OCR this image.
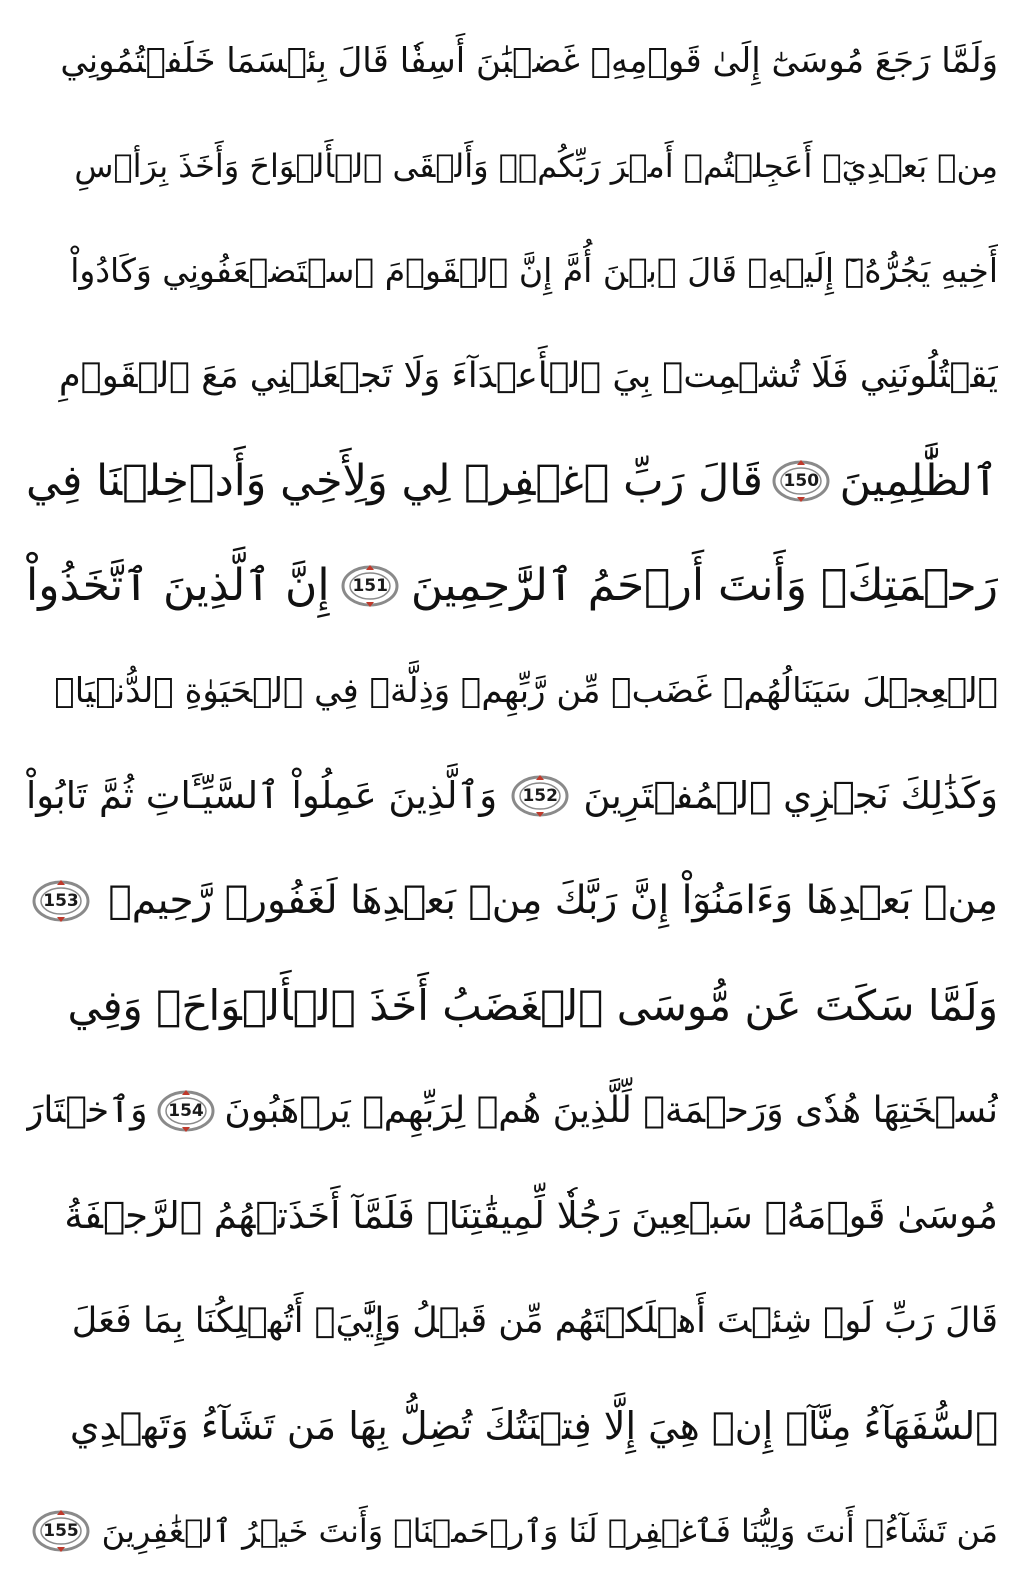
وَلَمَّا رَجَعَ مُوسَىٰٓ إِلَىٰ قَوۡمِهِۦ غَضۡبَٰنَ أَسِفٗا قَالَ بِئۡسَمَا خَلَفۡتُمُونِي
مِنۢ بَعۡدِيٓۖ أَعَجِلۡتُمۡ أَمۡرَ رَبِّكُمۡۖ وَأَلۡقَى ٱلۡأَلۡوَاحَ وَأَخَذَ بِرَأۡسِ
أَخِيهِ يَجُرُّهُۥٓ إِلَيۡهِۚ قَالَ ٱبۡنَ أُمَّ إِنَّ ٱلۡقَوۡمَ ٱسۡتَضۡعَفُونِي وَكَادُواْ
يَقۡتُلُونَنِي فَلَا تُشۡمِتۡ بِيَ ٱلۡأَعۡدَآءَ وَلَا تَجۡعَلۡنِي مَعَ ٱلۡقَوۡمِ
ٱلظَّٰلِمِينَ
150
قَالَ رَبِّ ٱغۡفِرۡ لِي وَلِأَخِي وَأَدۡخِلۡنَا فِي
رَحۡمَتِكَۖ وَأَنتَ أَرۡحَمُ ٱلرَّٰحِمِينَ
151
إِنَّ ٱلَّذِينَ ٱتَّخَذُواْ
ٱلۡعِجۡلَ سَيَنَالُهُمۡ غَضَبٞ مِّن رَّبِّهِمۡ وَذِلَّةٞ فِي ٱلۡحَيَوٰةِ ٱلدُّنۡيَاۚ
وَكَذَٰلِكَ نَجۡزِي ٱلۡمُفۡتَرِينَ
152
وَٱلَّذِينَ عَمِلُواْ ٱلسَّيِّـَٔاتِ ثُمَّ تَابُواْ
مِنۢ بَعۡدِهَا وَءَامَنُوٓاْ إِنَّ رَبَّكَ مِنۢ بَعۡدِهَا لَغَفُورٞ رَّحِيمٞ
153
وَلَمَّا سَكَتَ عَن مُّوسَى ٱلۡغَضَبُ أَخَذَ ٱلۡأَلۡوَاحَۖ وَفِي
نُسۡخَتِهَا هُدٗى وَرَحۡمَةٞ لِّلَّذِينَ هُمۡ لِرَبِّهِمۡ يَرۡهَبُونَ
154
وَٱخۡتَارَ
مُوسَىٰ قَوۡمَهُۥ سَبۡعِينَ رَجُلٗا لِّمِيقَٰتِنَاۖ فَلَمَّآ أَخَذَتۡهُمُ ٱلرَّجۡفَةُ
قَالَ رَبِّ لَوۡ شِئۡتَ أَهۡلَكۡتَهُم مِّن قَبۡلُ وَإِيَّٰيَۖ أَتُهۡلِكُنَا بِمَا فَعَلَ
ٱلسُّفَهَآءُ مِنَّآۖ إِنۡ هِيَ إِلَّا فِتۡنَتُكَ تُضِلُّ بِهَا مَن تَشَآءُ وَتَهۡدِي
مَن تَشَآءُۖ أَنتَ وَلِيُّنَا فَٱغۡفِرۡ لَنَا وَٱرۡحَمۡنَاۖ وَأَنتَ خَيۡرُ ٱلۡغَٰفِرِينَ
155
